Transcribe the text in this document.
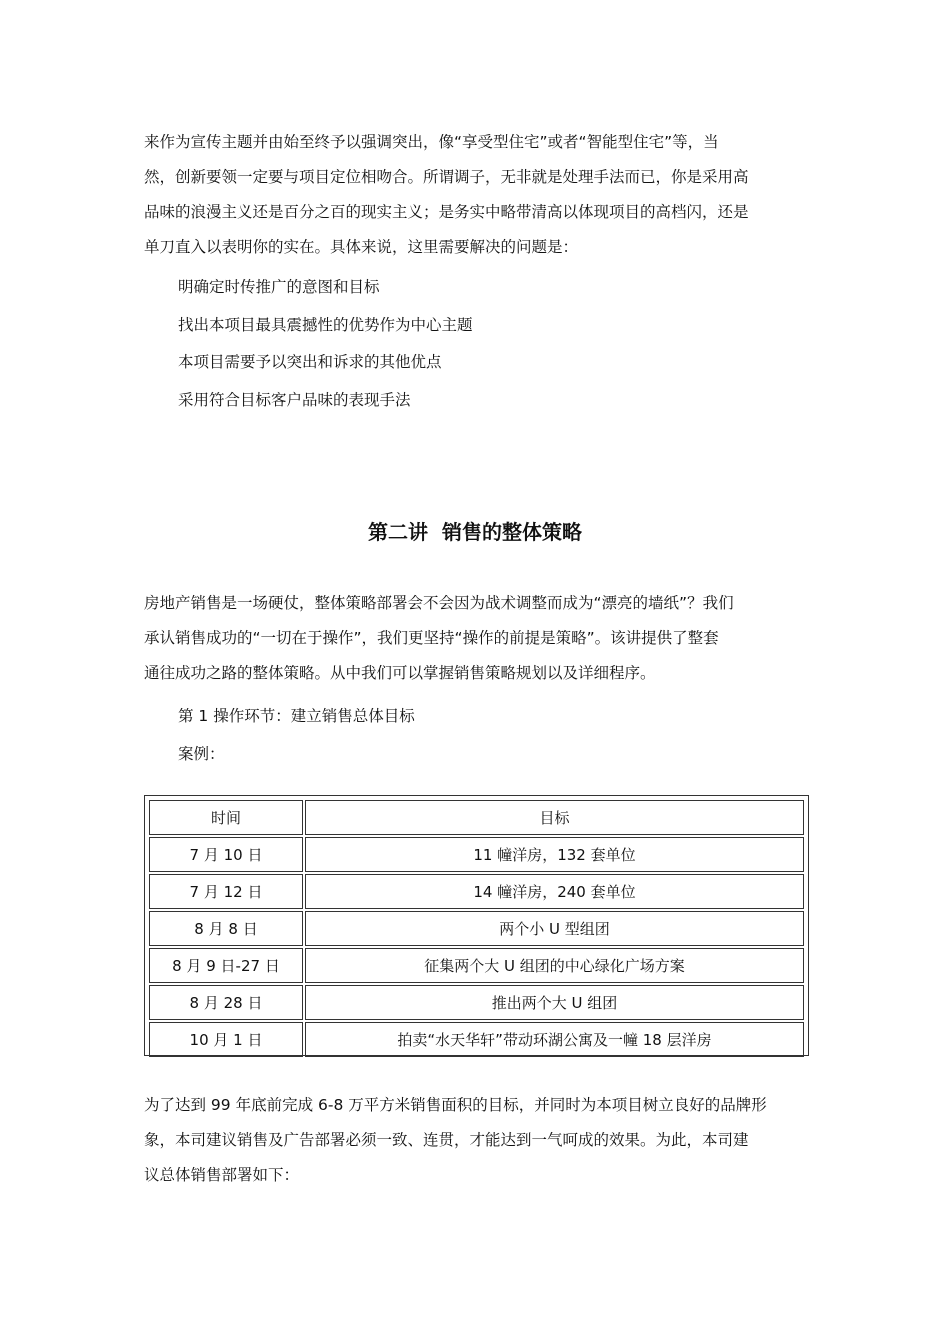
来作为宣传主题并由始至终予以强调突出，像“享受型住宅”或者“智能型住宅”等，当
然，创新要领一定要与项目定位相吻合。所谓调子，无非就是处理手法而已，你是采用高
品味的浪漫主义还是百分之百的现实主义；是务实中略带清高以体现项目的高档闪，还是
单刀直入以表明你的实在。具体来说，这里需要解决的问题是：

明确定时传推广的意图和目标

找出本项目最具震撼性的优势作为中心主题

本项目需要予以突出和诉求的其他优点

采用符合目标客户品味的表现手法

第二讲  销售的整体策略
房地产销售是一场硬仗，整体策略部署会不会因为战术调整而成为“漂亮的墙纸”？我们
承认销售成功的“一切在于操作”，我们更坚持“操作的前提是策略”。该讲提供了整套
通往成功之路的整体策略。从中我们可以掌握销售策略规划以及详细程序。

第 1 操作环节：建立销售总体目标

案例：

时间	目标
7 月 10 日	11 幢洋房，132 套单位
7 月 12 日	14 幢洋房，240 套单位
8 月 8 日	两个小 U 型组团
8 月 9 日-27 日	征集两个大 U 组团的中心绿化广场方案
8 月 28 日	推出两个大 U 组团
10 月 1 日	拍卖“水天华轩”带动环湖公寓及一幢 18 层洋房
为了达到 99 年底前完成 6-8 万平方米销售面积的目标，并同时为本项目树立良好的品牌形
象，本司建议销售及广告部署必须一致、连贯，才能达到一气呵成的效果。为此，本司建
议总体销售部署如下：
